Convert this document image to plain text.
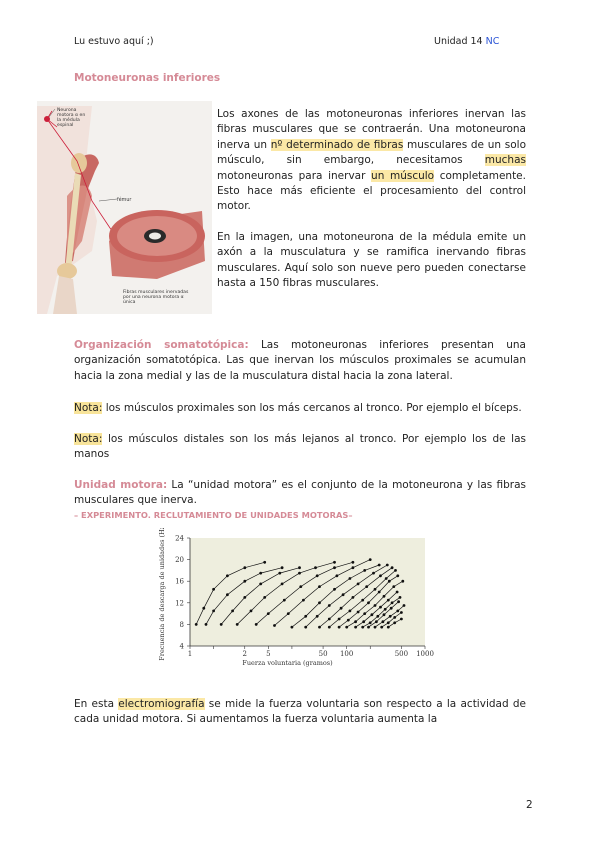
Lu estuvo aquí ;)	Unidad 14 NC
Motoneuronas inferiores
Neurona motora α en la médula espinal
fémur
Fibras musculares inervadas por una neurona motora α única
Los axones de las motoneuronas inferiores inervan las fibras musculares que se contraerán. Una motoneurona inerva un nº determinado de fibras musculares de un solo músculo, sin embargo, necesitamos muchas motoneuronas para inervar un músculo completamente. Esto hace más eficiente el procesamiento del control motor.
En la imagen, una motoneurona de la médula emite un axón a la musculatura y se ramifica inervando fibras musculares. Aquí solo son nueve pero pueden conectarse hasta a 150 fibras musculares.
Organización somatotópica: Las motoneuronas inferiores presentan una organización somatotópica. Las que inervan los músculos proximales se acumulan hacia la zona medial y las de la musculatura distal hacia la zona lateral.
Nota: los músculos proximales son los más cercanos al tronco. Por ejemplo el bíceps.
Nota: los músculos distales son los más lejanos al tronco. Por ejemplo los de las manos
Unidad motora: La “unidad motora” es el conjunto de la motoneurona y las fibras musculares que inerva.
– EXPERIMENTO. RECLUTAMIENTO DE UNIDADES MOTORAS–
4
8
12
16
20
24
1	2	5	50 100	500 1000
Fuerza voluntaria (gramos)
Frecuencia de descarga de unidades (Hz)
En esta electromiografía se mide la fuerza voluntaria son respecto a la actividad de cada unidad motora. Si aumentamos la fuerza voluntaria aumenta la
2
